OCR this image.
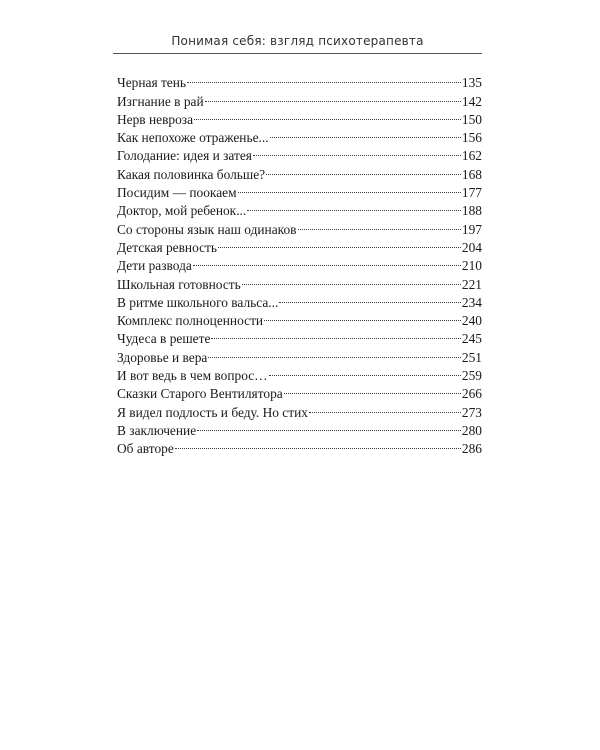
Понимая себя: взгляд психотерапевта
Черная тень	135
Изгнание в рай	142
Нерв невроза	150
Как непохоже отраженье...	156
Голодание: идея и затея	162
Какая половинка больше?	168
Посидим — поокаем	177
Доктор, мой ребенок...	188
Со стороны язык наш одинаков	197
Детская ревность	204
Дети развода	210
Школьная готовность	221
В ритме школьного вальса...	234
Комплекс полноценности	240
Чудеса в решете	245
Здоровье и вера	251
И вот ведь в чем вопрос…	259
Сказки Старого Вентилятора	266
Я видел подлость и беду. Но стих	273
В заключение	280
Об авторе	286
